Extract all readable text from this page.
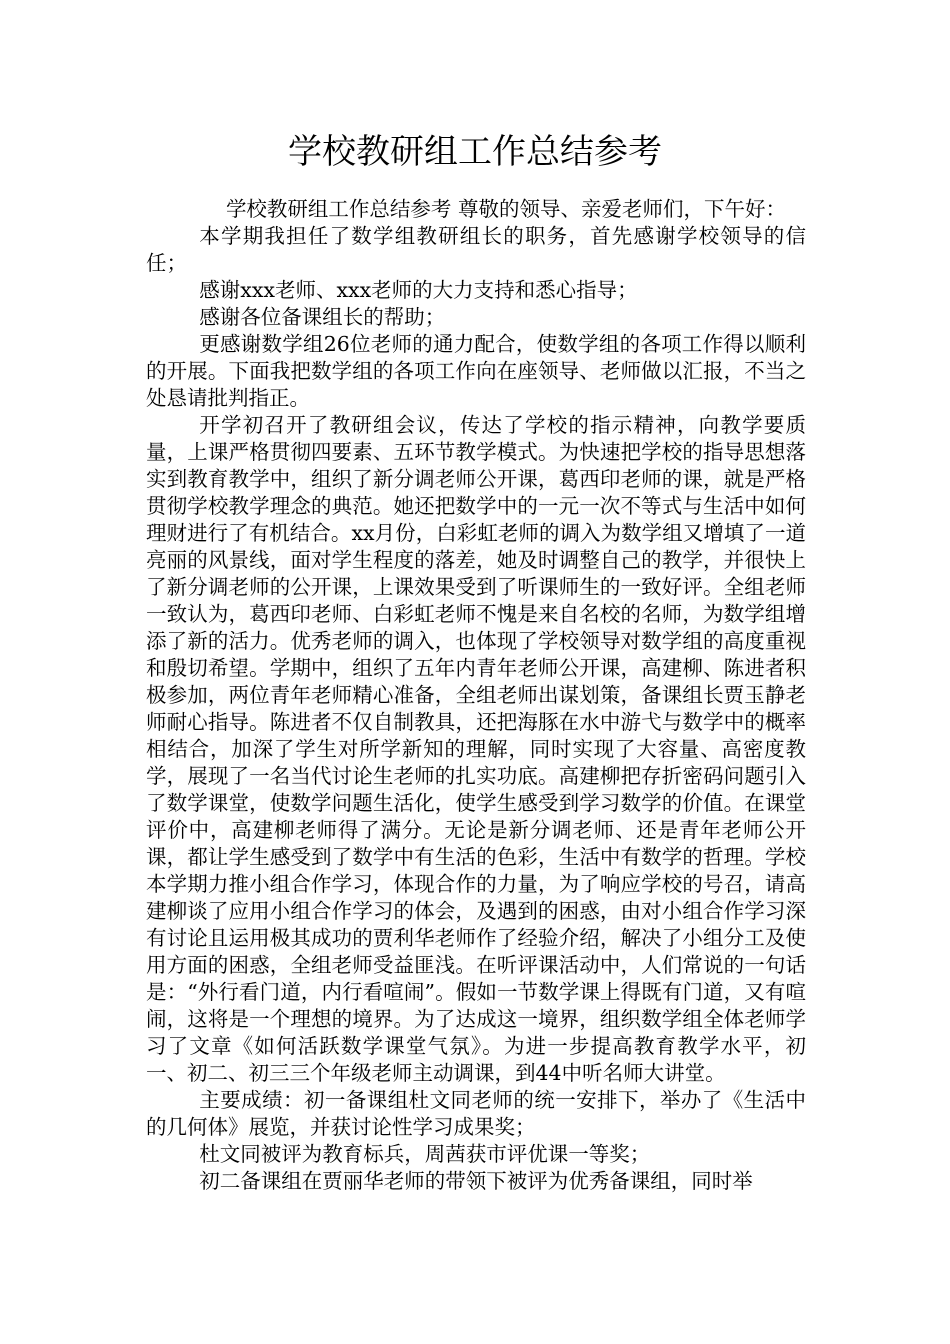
学校教研组工作总结参考

学校教研组工作总结参考 尊敬的领导、亲爱老师们，下午好：

本学期我担任了数学组教研组长的职务，首先感谢学校领导的信任；

感谢xxx老师、xxx老师的大力支持和悉心指导；

感谢各位备课组长的帮助；

更感谢数学组26位老师的通力配合，使数学组的各项工作得以顺利的开展。下面我把数学组的各项工作向在座领导、老师做以汇报，不当之处恳请批判指正。

开学初召开了教研组会议，传达了学校的指示精神，向教学要质量，上课严格贯彻四要素、五环节教学模式。为快速把学校的指导思想落实到教育教学中，组织了新分调老师公开课，葛西印老师的课，就是严格贯彻学校教学理念的典范。她还把数学中的一元一次不等式与生活中如何理财进行了有机结合。xx月份，白彩虹老师的调入为数学组又增填了一道亮丽的风景线，面对学生程度的落差，她及时调整自己的教学，并很快上了新分调老师的公开课，上课效果受到了听课师生的一致好评。全组老师一致认为，葛西印老师、白彩虹老师不愧是来自名校的名师，为数学组增添了新的活力。优秀老师的调入，也体现了学校领导对数学组的高度重视和殷切希望。学期中，组织了五年内青年老师公开课，高建柳、陈进者积极参加，两位青年老师精心准备，全组老师出谋划策，备课组长贾玉静老师耐心指导。陈进者不仅自制教具，还把海豚在水中游弋与数学中的概率相结合，加深了学生对所学新知的理解，同时实现了大容量、高密度教学，展现了一名当代讨论生老师的扎实功底。高建柳把存折密码问题引入了数学课堂，使数学问题生活化，使学生感受到学习数学的价值。在课堂评价中，高建柳老师得了满分。无论是新分调老师、还是青年老师公开课，都让学生感受到了数学中有生活的色彩，生活中有数学的哲理。学校本学期力推小组合作学习，体现合作的力量，为了响应学校的号召，请高建柳谈了应用小组合作学习的体会，及遇到的困惑，由对小组合作学习深有讨论且运用极其成功的贾利华老师作了经验介绍，解决了小组分工及使用方面的困惑，全组老师受益匪浅。在听评课活动中，人们常说的一句话是：“外行看门道，内行看喧闹”。假如一节数学课上得既有门道，又有喧闹，这将是一个理想的境界。为了达成这一境界，组织数学组全体老师学习了文章《如何活跃数学课堂气氛》。为进一步提高教育教学水平，初一、初二、初三三个年级老师主动调课，到44中听名师大讲堂。

主要成绩：初一备课组杜文同老师的统一安排下，举办了《生活中的几何体》展览，并获讨论性学习成果奖；

杜文同被评为教育标兵，周茜获市评优课一等奖；

初二备课组在贾丽华老师的带领下被评为优秀备课组，同时举
